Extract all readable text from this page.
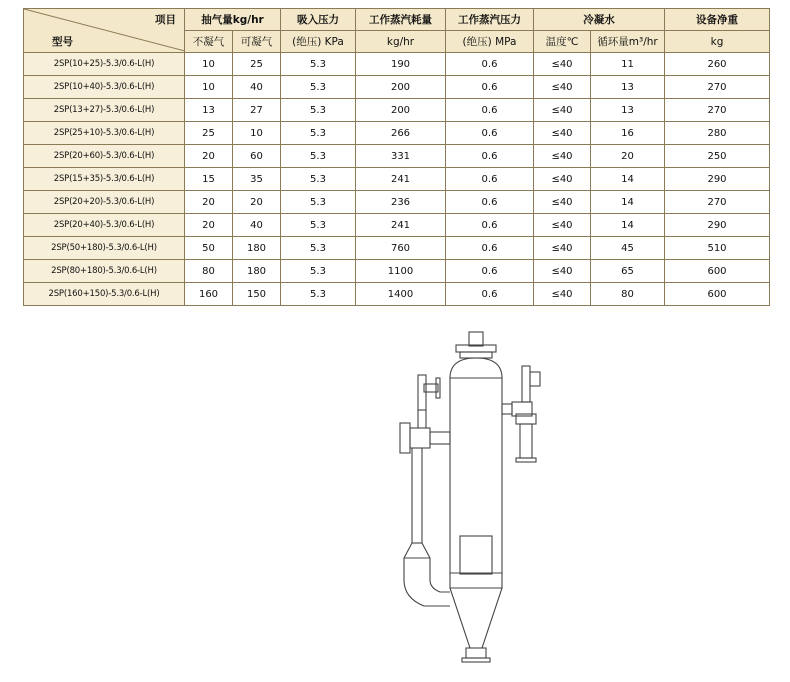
项目
型号	抽气量kg/hr		吸入压力	工作蒸汽耗量	工作蒸汽压力	冷凝水		设备净重
	不凝气	可凝气	(绝压) KPa	kg/hr	(绝压) MPa	温度℃	循环量m³/hr	kg
2SP(10+25)-5.3/0.6-L(H)	10	25	5.3	190	0.6	≤40	11	260
2SP(10+40)-5.3/0.6-L(H)	10	40	5.3	200	0.6	≤40	13	270
2SP(13+27)-5.3/0.6-L(H)	13	27	5.3	200	0.6	≤40	13	270
2SP(25+10)-5.3/0.6-L(H)	25	10	5.3	266	0.6	≤40	16	280
2SP(20+60)-5.3/0.6-L(H)	20	60	5.3	331	0.6	≤40	20	250
2SP(15+35)-5.3/0.6-L(H)	15	35	5.3	241	0.6	≤40	14	290
2SP(20+20)-5.3/0.6-L(H)	20	20	5.3	236	0.6	≤40	14	270
2SP(20+40)-5.3/0.6-L(H)	20	40	5.3	241	0.6	≤40	14	290
2SP(50+180)-5.3/0.6-L(H)	50	180	5.3	760	0.6	≤40	45	510
2SP(80+180)-5.3/0.6-L(H)	80	180	5.3	1100	0.6	≤40	65	600
2SP(160+150)-5.3/0.6-L(H)	160	150	5.3	1400	0.6	≤40	80	600
